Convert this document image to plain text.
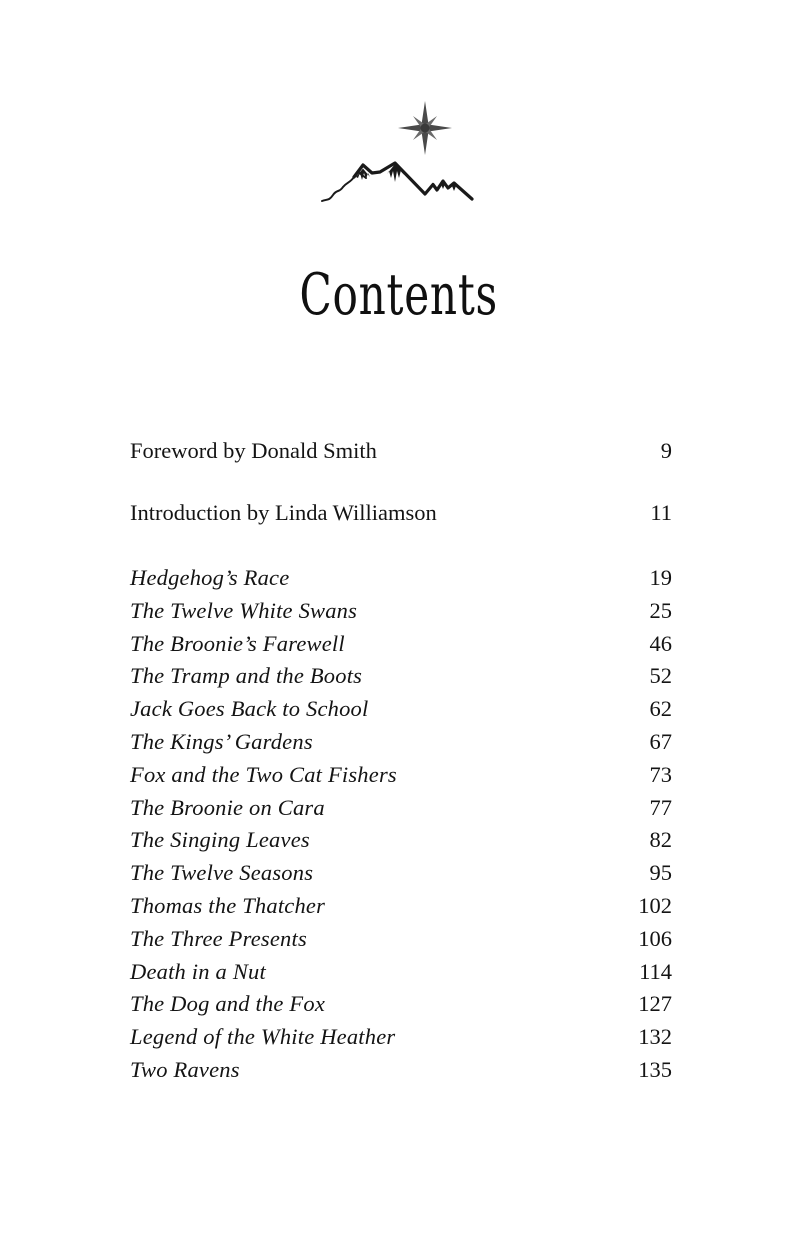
Contents
Foreword by Donald Smith	9
Introduction by Linda Williamson	11
Hedgehog’s Race	19
The Twelve White Swans	25
The Broonie’s Farewell	46
The Tramp and the Boots	52
Jack Goes Back to School	62
The Kings’ Gardens	67
Fox and the Two Cat Fishers	73
The Broonie on Cara	77
The Singing Leaves	82
The Twelve Seasons	95
Thomas the Thatcher	102
The Three Presents	106
Death in a Nut	114
The Dog and the Fox	127
Legend of the White Heather	132
Two Ravens	135
